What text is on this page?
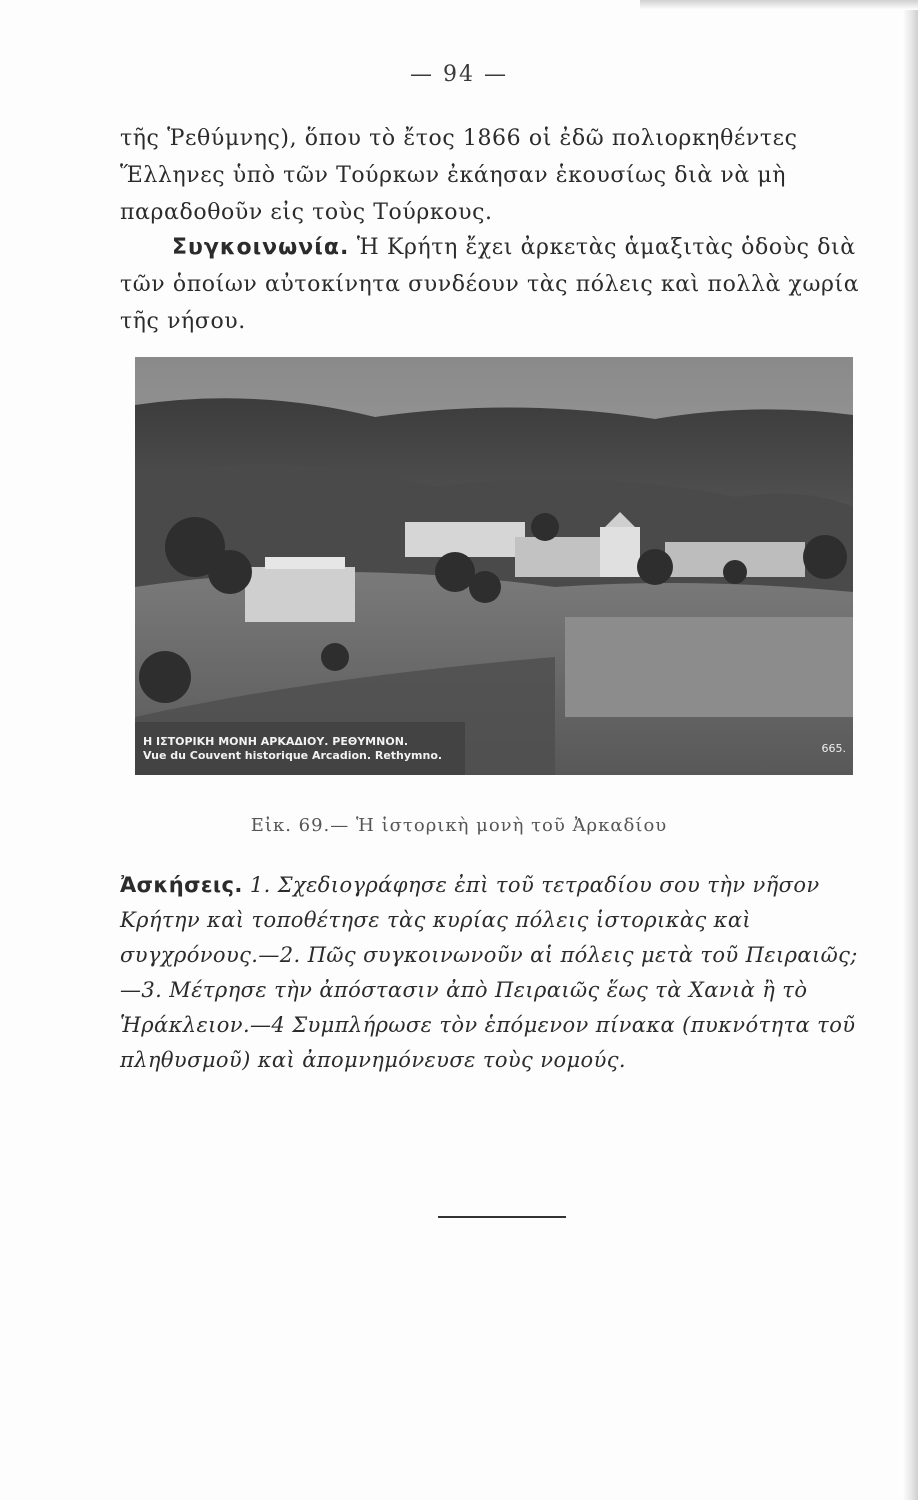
— 94 —

τῆς Ῥεθύμνης), ὅπου τὸ ἔτος 1866 οἱ ἐδῶ πολιορκηθέντες Ἕλληνες ὑπὸ τῶν Τούρκων ἐκάησαν ἑκουσίως διὰ νὰ μὴ παραδοθοῦν εἰς τοὺς Τούρκους.

Συγκοινωνία. Ἡ Κρήτη ἔχει ἀρκετὰς ἁμαξιτὰς ὁδοὺς διὰ τῶν ὁποίων αὐτοκίνητα συνδέουν τὰς πόλεις καὶ πολλὰ χωρία τῆς νήσου.

Η ΙΣΤΟΡΙΚΗ ΜΟΝΗ ΑΡΚΑΔΙΟΥ. ΡΕΘΥΜΝΟΝ.
Vue du Couvent historique Arcadion. Rethymno.
665.
Εἰκ. 69.— Ἡ ἱστορικὴ μονὴ τοῦ Ἀρκαδίου
Ἀσκήσεις. 1. Σχεδιογράφησε ἐπὶ τοῦ τετραδίου σου τὴν νῆσον Κρήτην καὶ τοποθέτησε τὰς κυρίας πόλεις ἱστορικὰς καὶ συγχρόνους.—2. Πῶς συγκοινωνοῦν αἱ πόλεις μετὰ τοῦ Πειραιῶς; —3. Μέτρησε τὴν ἀπόστασιν ἀπὸ Πειραιῶς ἕως τὰ Χανιὰ ἢ τὸ Ἡράκλειον.—4 Συμπλήρωσε τὸν ἑπόμενον πίνακα (πυκνότητα τοῦ πληθυσμοῦ) καὶ ἀπομνημόνευσε τοὺς νομούς.
